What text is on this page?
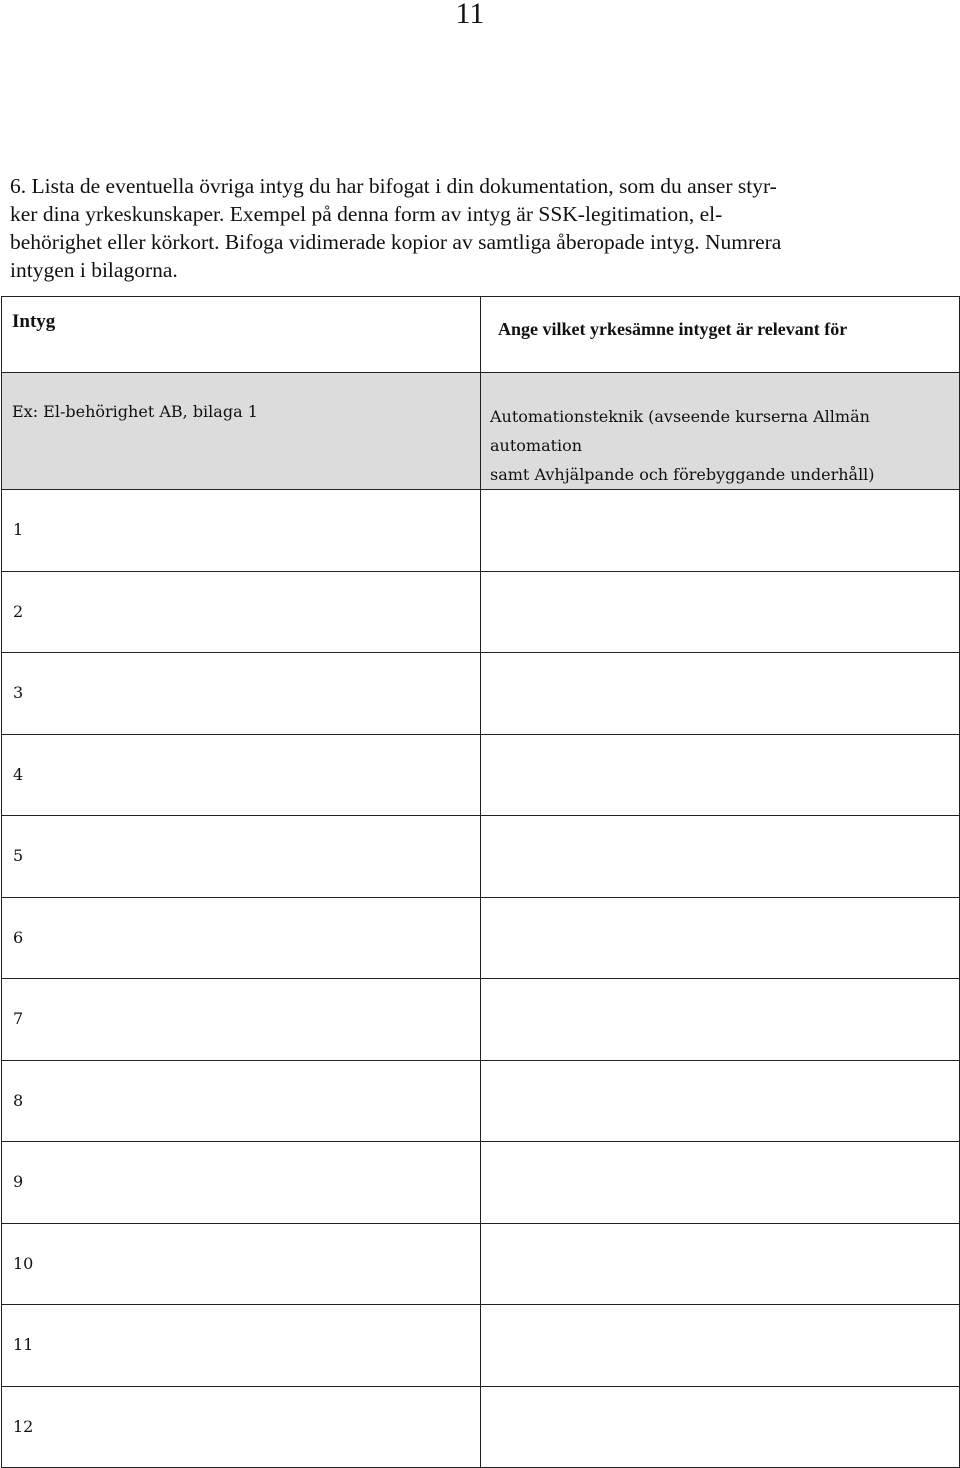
11

6. Lista de eventuella övriga intyg du har bifogat i din dokumentation, som du anser styr-
ker dina yrkeskunskaper. Exempel på denna form av intyg är SSK-legitimation, el-
behörighet eller körkort. Bifoga vidimerade kopior av samtliga åberopade intyg. Numrera
intygen i bilagorna.

Intyg	Ange vilket yrkesämne intyget är relevant för
Ex: El-behörighet AB, bilaga 1	Automationsteknik (avseende kurserna Allmän automation
samt Avhjälpande och förebyggande underhåll)

1	
2	
3	
4	
5	
6	
7	
8	
9	
10	
11	
12	
